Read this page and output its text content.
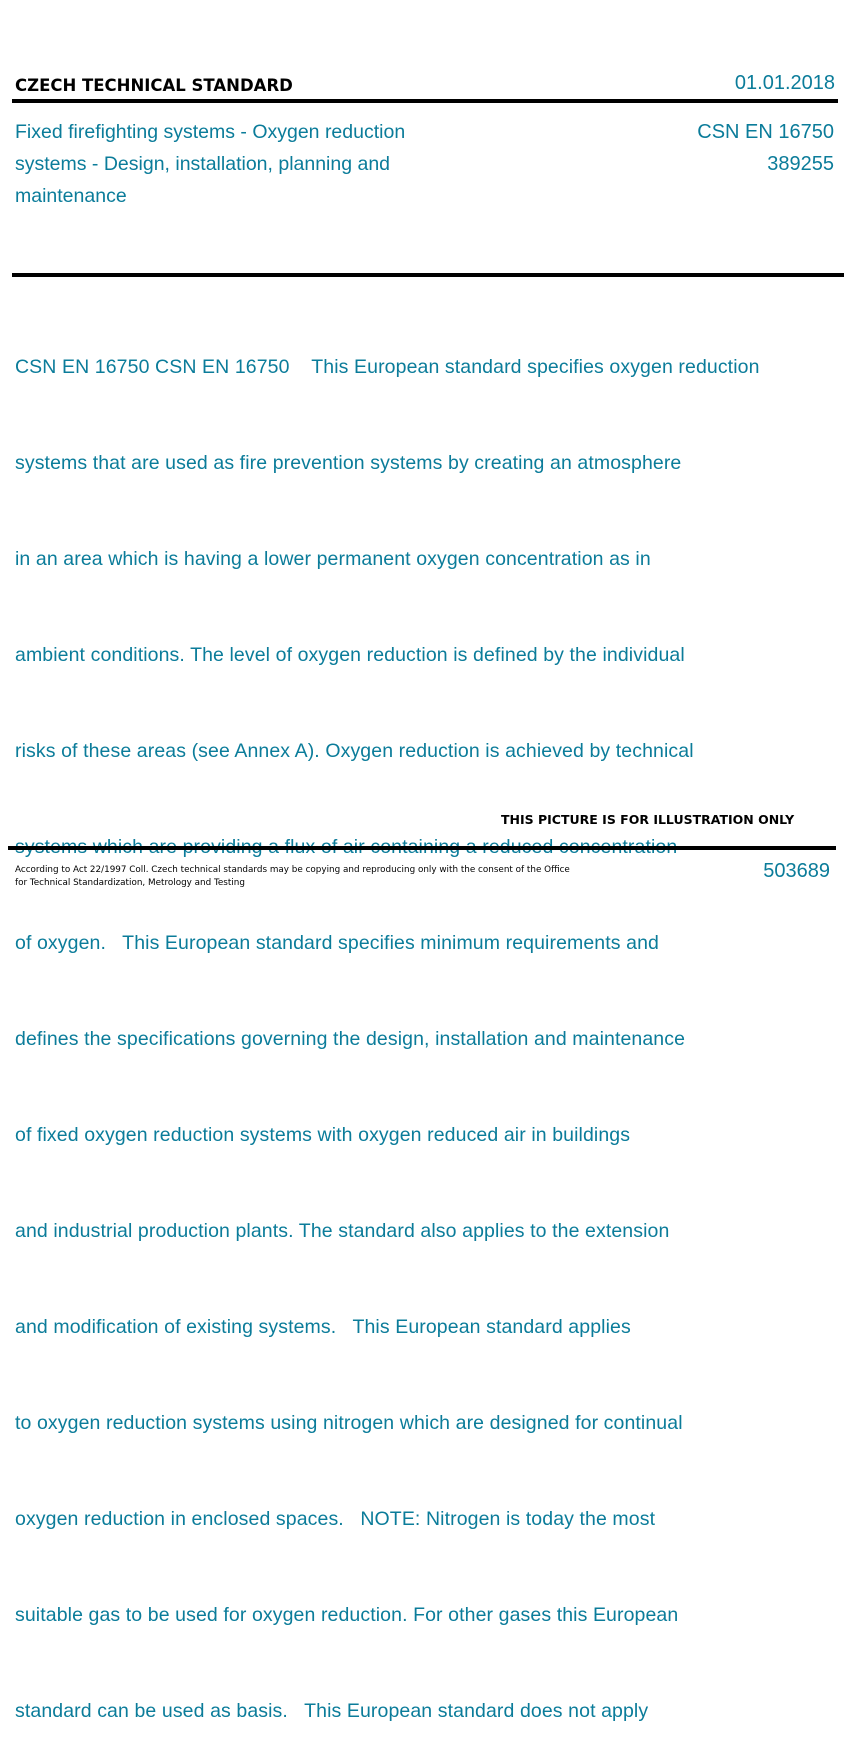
CZECH TECHNICAL STANDARD	01.01.2018
Fixed firefighting systems - Oxygen reduction systems - Design, installation, planning and maintenance
CSN EN 16750
389255

CSN EN 16750 CSN EN 16750    This European standard specifies oxygen reduction

systems that are used as fire prevention systems by creating an atmosphere

in an area which is having a lower permanent oxygen concentration as in

ambient conditions. The level of oxygen reduction is defined by the individual

risks of these areas (see Annex A). Oxygen reduction is achieved by technical

of oxygen.   This European standard specifies minimum requirements and

defines the specifications governing the design, installation and maintenance

of fixed oxygen reduction systems with oxygen reduced air in buildings

and industrial production plants. The standard also applies to the extension

and modification of existing systems.   This European standard applies

to oxygen reduction systems using nitrogen which are designed for continual

oxygen reduction in enclosed spaces.   NOTE: Nitrogen is today the most

suitable gas to be used for oxygen reduction. For other gases this European

standard can be used as basis.   This European standard does not apply

THIS PICTURE IS FOR ILLUSTRATION ONLY
According to Act 22/1997 Coll. Czech technical standards may be copying and reproducing only with the consent of the Office
for Technical Standardization, Metrology and Testing
503689
